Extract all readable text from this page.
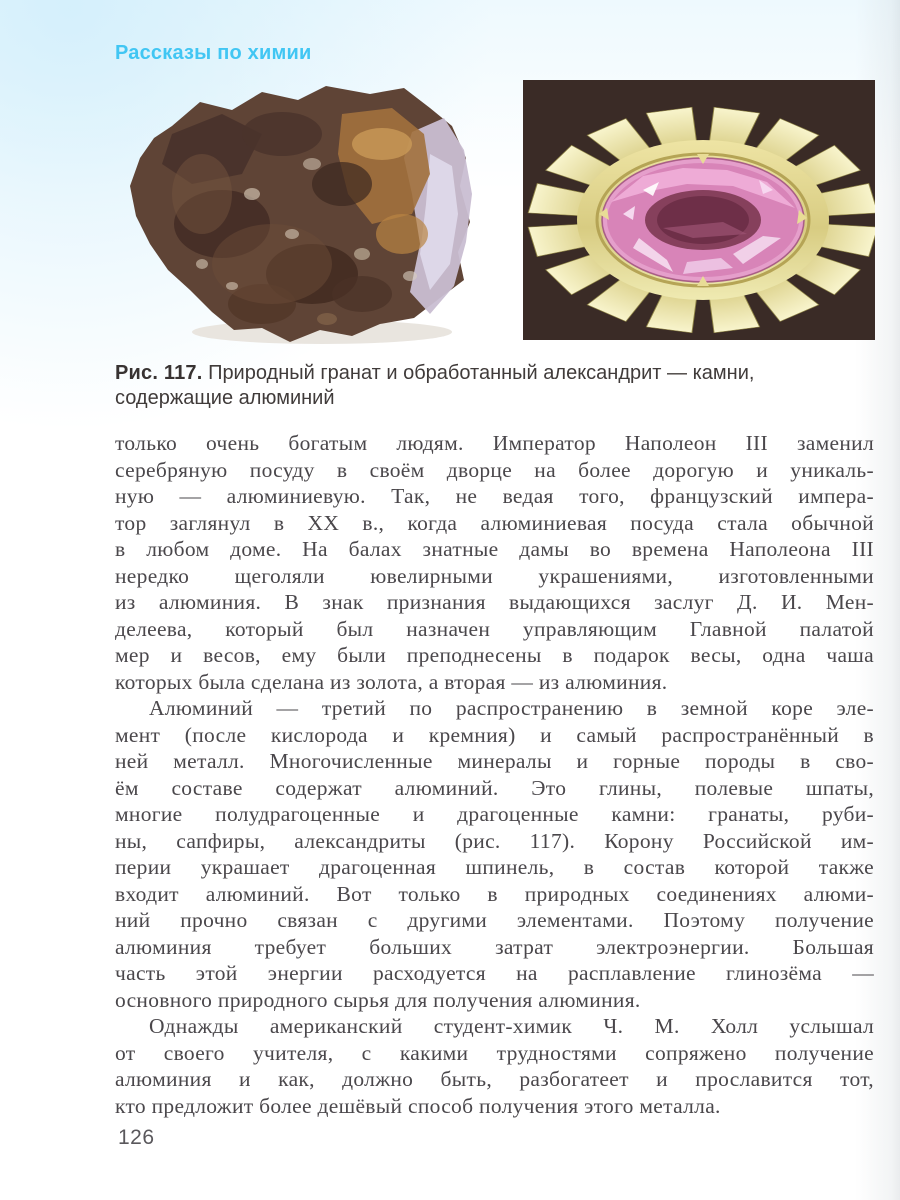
Рассказы по химии
Рис. 117. Природный гранат и обработанный александрит — камни,
содержащие алюминий
только очень богатым людям. Император Наполеон III заменил
серебряную посуду в своём дворце на более дорогую и уникаль-
ную — алюминиевую. Так, не ведая того, французский импера-
тор заглянул в XX в., когда алюминиевая посуда стала обычной
в любом доме. На балах знатные дамы во времена Наполеона III
нередко щеголяли ювелирными украшениями, изготовленными
из алюминия. В знак признания выдающихся заслуг Д. И. Мен-
делеева, который был назначен управляющим Главной палатой
мер и весов, ему были преподнесены в подарок весы, одна чаша
которых была сделана из золота, а вторая — из алюминия.
Алюминий — третий по распространению в земной коре эле-
мент (после кислорода и кремния) и самый распространённый в
ней металл. Многочисленные минералы и горные породы в сво-
ём составе содержат алюминий. Это глины, полевые шпаты,
многие полудрагоценные и драгоценные камни: гранаты, руби-
ны, сапфиры, александриты (рис. 117). Корону Российской им-
перии украшает драгоценная шпинель, в состав которой также
входит алюминий. Вот только в природных соединениях алюми-
ний прочно связан с другими элементами. Поэтому получение
алюминия требует больших затрат электроэнергии. Большая
часть этой энергии расходуется на расплавление глинозёма —
основного природного сырья для получения алюминия.
Однажды американский студент-химик Ч. М. Холл услышал
от своего учителя, с какими трудностями сопряжено получение
алюминия и как, должно быть, разбогатеет и прославится тот,
кто предложит более дешёвый способ получения этого металла.
126
